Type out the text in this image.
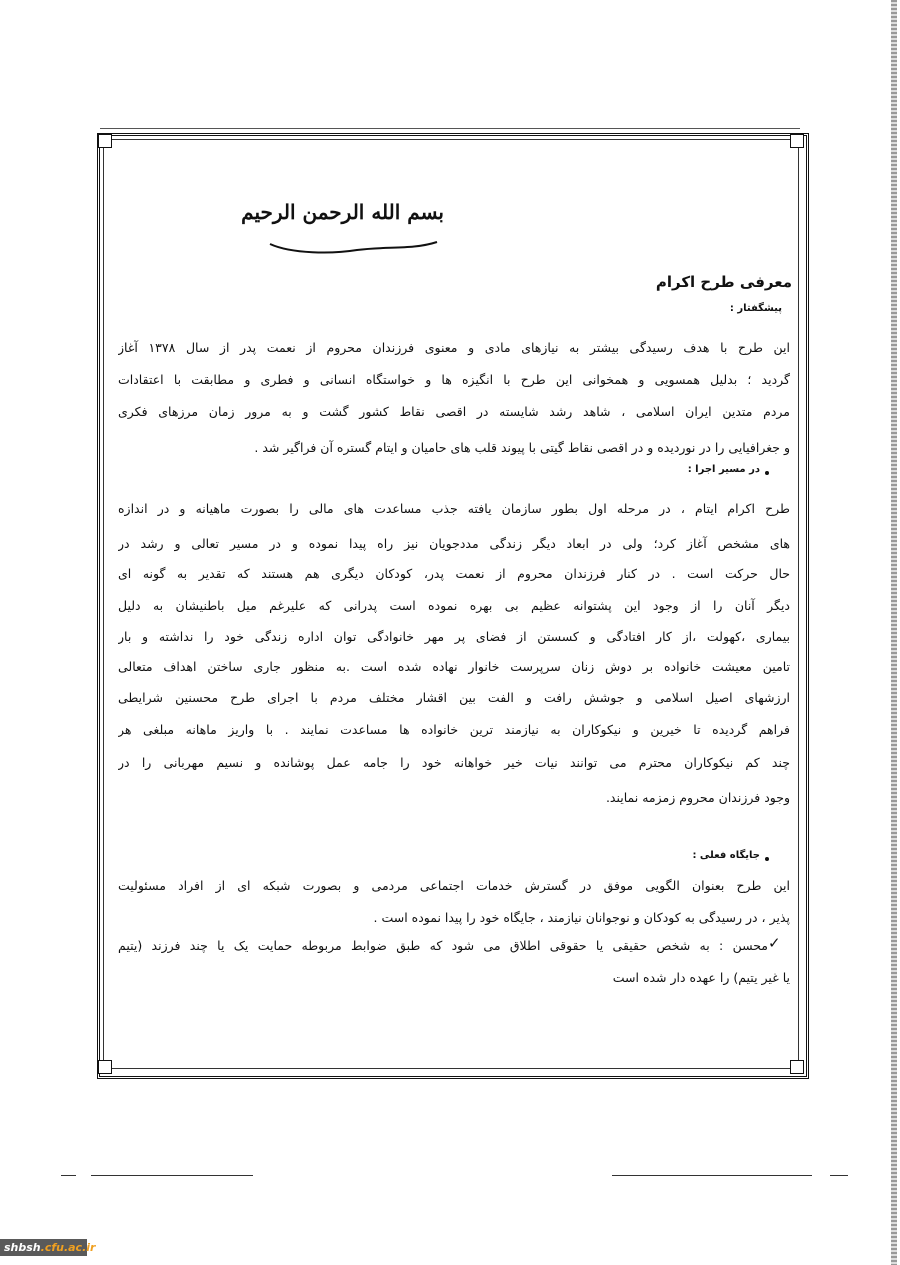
بسم الله الرحمن الرحیم
معرفی طرح اکرام
پیشگفتار :
این طرح با هدف رسیدگی بیشتر به نیازهای مادی و معنوی فرزندان محروم از نعمت پدر از سال ۱۳۷۸ آغاز
گردید ؛ بدلیل همسویی و همخوانی این طرح با انگیزه ها و خواستگاه انسانی و فطری و مطابقت با اعتقادات
مردم متدین ایران اسلامی ، شاهد رشد شایسته در اقصی نقاط کشور گشت و به مرور زمان مرزهای فکری
و جغرافیایی را در نوردیده و در اقصی نقاط گیتی با پیوند قلب های حامیان و ایتام گستره آن فراگیر شد .
در مسیر اجرا :
طرح اکرام ایتام ، در مرحله اول بطور سازمان یافته جذب مساعدت های مالی را بصورت ماهیانه و در اندازه
های مشخص آغاز کرد؛ ولی در ابعاد دیگر زندگی مددجویان نیز راه پیدا نموده و در مسیر تعالی و رشد در
حال حرکت است . در کنار فرزندان محروم از نعمت پدر، کودکان دیگری هم هستند که تقدیر به گونه ای
دیگر آنان را از وجود این پشتوانه عظیم بی بهره نموده است پدرانی که علیرغم میل باطنیشان به دلیل
بیماری ،کهولت ،از کار افتادگی و کسستن از فضای پر مهر خانوادگی توان اداره زندگی خود را نداشته و بار
تامین معیشت خانواده بر دوش زنان سرپرست خانوار نهاده شده است .به منظور جاری ساختن اهداف متعالی
ارزشهای اصیل اسلامی و جوشش رافت و الفت بین اقشار مختلف مردم با اجرای طرح محسنین شرایطی
فراهم گردیده تا خیرین و نیکوکاران به نیازمند ترین خانواده ها مساعدت نمایند . با واریز ماهانه مبلغی هر
چند کم نیکوکاران محترم می توانند نیات خیر خواهانه خود را جامه عمل پوشانده و نسیم مهربانی را در
وجود فرزندان محروم زمزمه نمایند.
جایگاه فعلی :
این طرح بعنوان الگویی موفق در گسترش خدمات اجتماعی مردمی و بصورت شبکه ای از افراد مسئولیت
پذیر ، در رسیدگی به کودکان و نوجوانان نیازمند ، جایگاه خود را پیدا نموده است .
✓
محسن : به شخص حقیقی یا حقوقی اطلاق می شود که طبق ضوابط مربوطه حمایت یک یا چند فرزند (یتیم
یا غیر یتیم) را عهده دار شده است
shbsh.cfu.ac.ir
